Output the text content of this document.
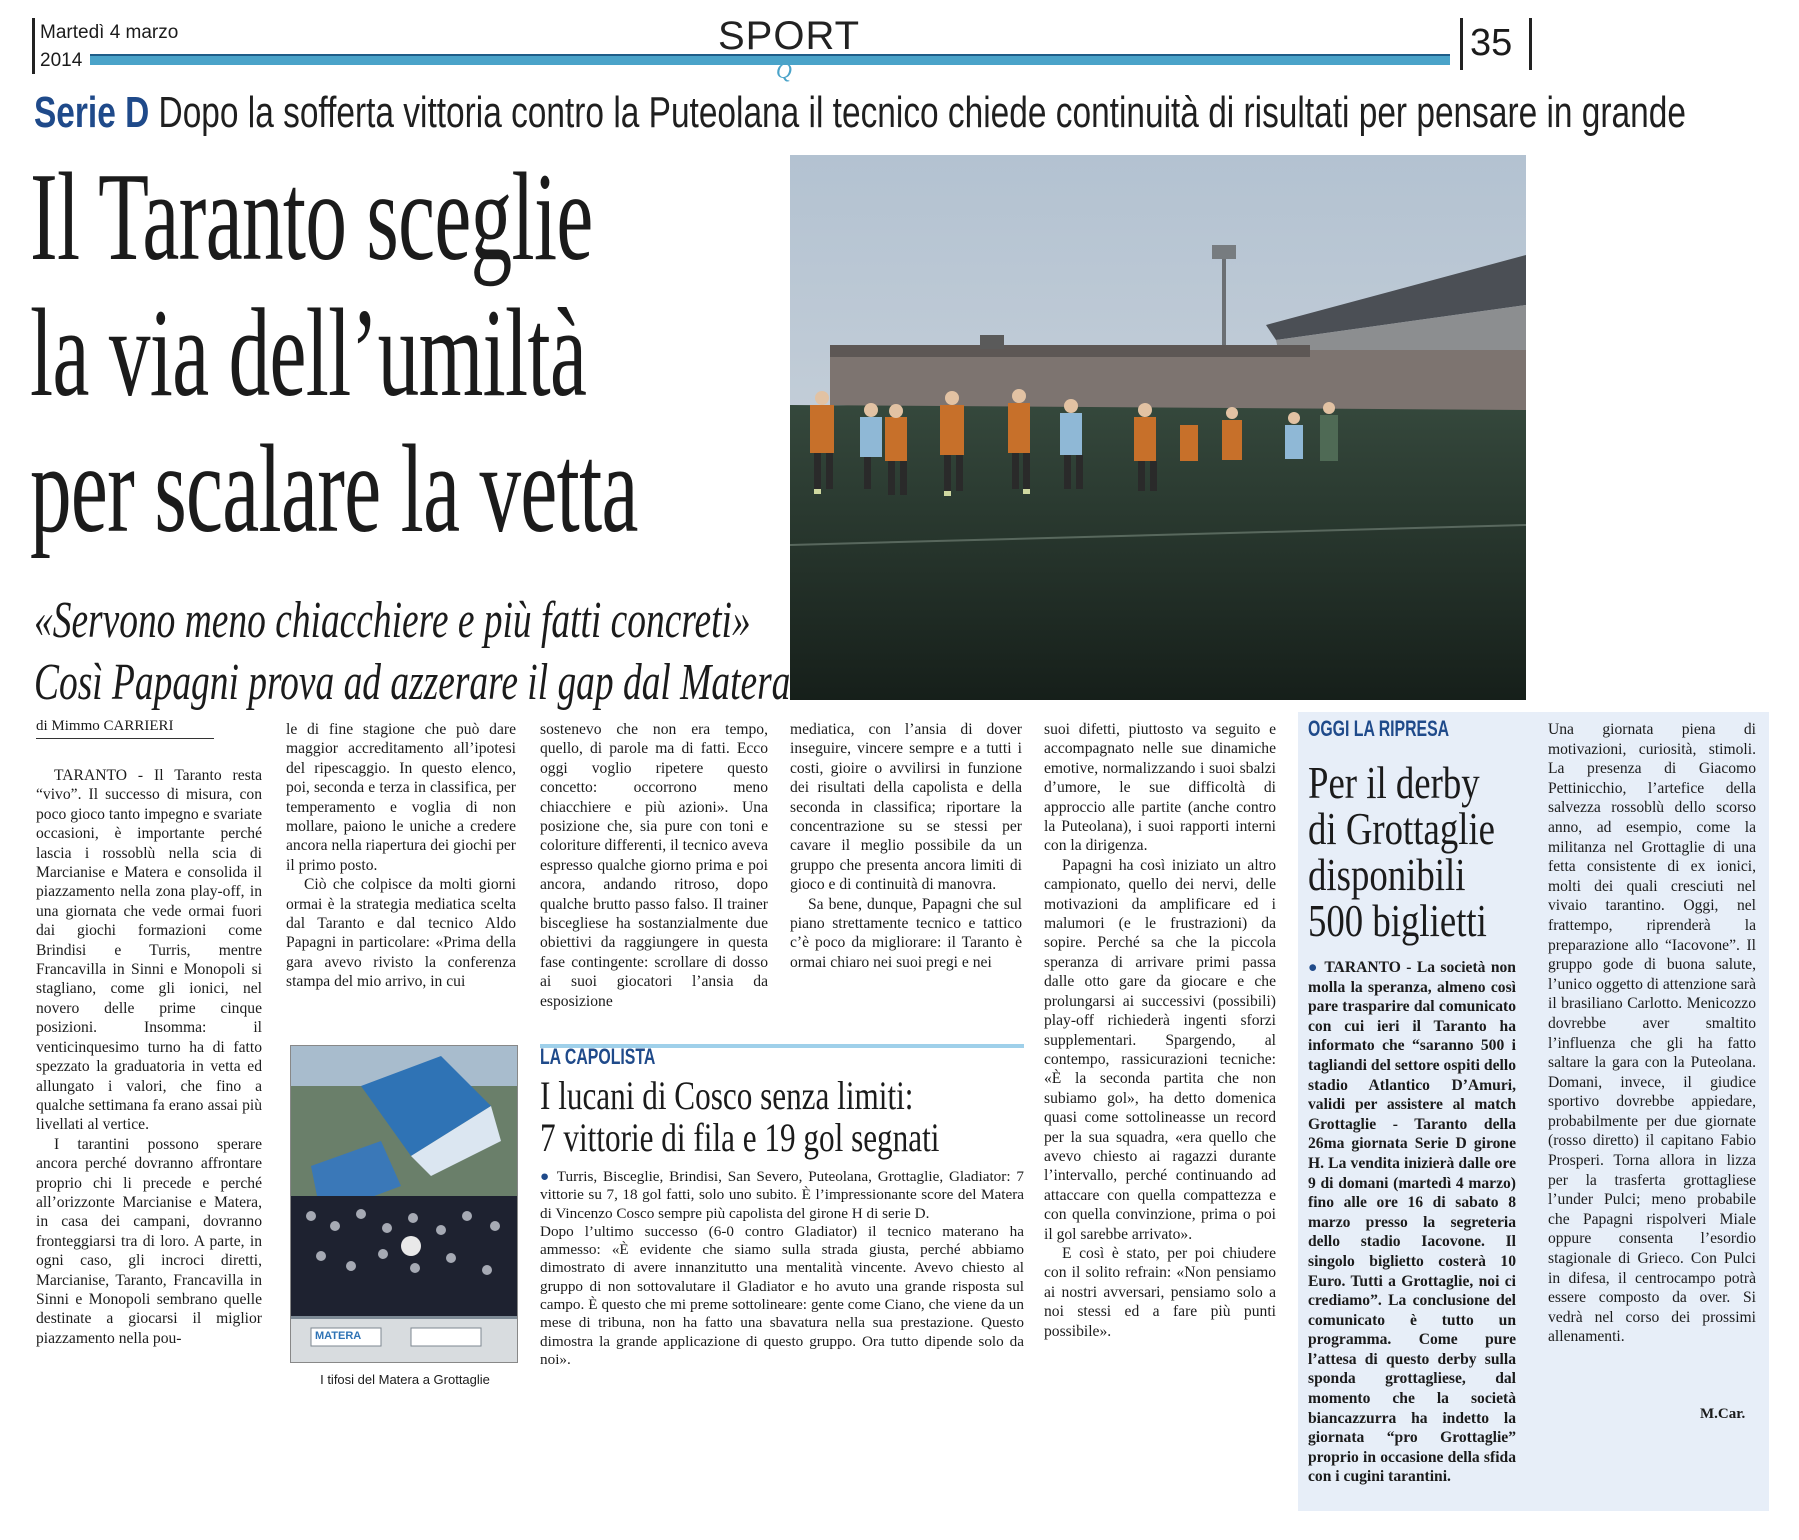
Martedì 4 marzo
2014
SPORT
Q
35
Serie D Dopo la sofferta vittoria contro la Puteolana il tecnico chiede continuità di risultati per pensare in grande
Il Taranto sceglie
la via dell’umiltà
per scalare la vetta
«Servono meno chiacchiere e più fatti concreti»
Così Papagni prova ad azzerare il gap dal Matera
di Mimmo CARRIERI

TARANTO - Il Taranto resta “vivo”. Il successo di misura, con poco gioco tanto impegno e svariate occasioni, è importante perché lascia i rossoblù nella scia di Marcianise e Matera e consolida il piazzamento nella zona play-off, in una giornata che vede ormai fuori dai giochi formazioni come Brindisi e Turris, mentre Francavilla in Sinni e Monopoli si stagliano, come gli ionici, nel novero delle prime cinque posizioni. Insomma: il venticinquesimo turno ha di fatto spezzato la graduatoria in vetta ed allungato i valori, che fino a qualche settimana fa erano assai più livellati al vertice.

I tarantini possono sperare ancora perché dovranno affrontare proprio chi li precede e perché all’orizzonte Marcianise e Matera, in casa dei campani, dovranno fronteggiarsi tra di loro. A parte, in ogni caso, gli incroci diretti, Marcianise, Taranto, Francavilla in Sinni e Monopoli sembrano quelle destinate a giocarsi il miglior piazzamento nella pou-

le di fine stagione che può dare maggior accreditamento all’ipotesi del ripescaggio. In questo elenco, poi, seconda e terza in classifica, per temperamento e voglia di non mollare, paiono le uniche a credere ancora nella riapertura dei giochi per il primo posto.

Ciò che colpisce da molti giorni ormai è la strategia mediatica scelta dal Taranto e dal tecnico Aldo Papagni in particolare: «Prima della gara avevo rivisto la conferenza stampa del mio arrivo, in cui

sostenevo che non era tempo, quello, di parole ma di fatti. Ecco oggi voglio ripetere questo concetto: occorrono meno chiacchiere e più azioni». Una posizione che, sia pure con toni e coloriture differenti, il tecnico aveva espresso qualche giorno prima e poi ancora, andando ritroso, dopo qualche brutto passo falso. Il trainer biscegliese ha sostanzialmente due obiettivi da raggiungere in questa fase contingente: scrollare di dosso ai suoi giocatori l’ansia da esposizione

mediatica, con l’ansia di dover inseguire, vincere sempre e a tutti i costi, gioire o avvilirsi in funzione dei risultati della capolista e della seconda in classifica; riportare la concentrazione su se stessi per cavare il meglio possibile da un gruppo che presenta ancora limiti di gioco e di continuità di manovra.

Sa bene, dunque, Papagni che sul piano strettamente tecnico e tattico c’è poco da migliorare: il Taranto è ormai chiaro nei suoi pregi e nei

suoi difetti, piuttosto va seguito e accompagnato nelle sue dinamiche emotive, normalizzando i suoi sbalzi d’umore, le sue difficoltà di approccio alle partite (anche contro la Puteolana), i suoi rapporti interni con la dirigenza.

Papagni ha così iniziato un altro campionato, quello dei nervi, delle motivazioni da amplificare ed i malumori (e le frustrazioni) da sopire. Perché sa che la piccola speranza di arrivare primi passa dalle otto gare da giocare e che prolungarsi ai successivi (possibili) play-off richiederà ingenti sforzi supplementari. Spargendo, al contempo, rassicurazioni tecniche: «È la seconda partita che non subiamo gol», ha detto domenica quasi come sottolineasse un record per la sua squadra, «era quello che avevo chiesto ai ragazzi durante l’intervallo, perché continuando ad attaccare con quella compattezza e con quella convinzione, prima o poi il gol sarebbe arrivato».

E così è stato, per poi chiudere con il solito refrain: «Non pensiamo ai nostri avversari, pensiamo solo a noi stessi ed a fare più punti possibile».

MATERA
I tifosi del Matera a Grottaglie
LA CAPOLISTA
I lucani di Cosco senza limiti:
7 vittorie di fila e 19 gol segnati

● Turris, Bisceglie, Brindisi, San Severo, Puteolana, Grottaglie, Gladiator: 7 vittorie su 7, 18 gol fatti, solo uno subito. È l’impressionante score del Matera di Vincenzo Cosco sempre più capolista del girone H di serie D.

Dopo l’ultimo successo (6-0 contro Gladiator) il tecnico materano ha ammesso: «È evidente che siamo sulla strada giusta, perché abbiamo dimostrato di avere innanzitutto una mentalità vincente. Avevo chiesto al gruppo di non sottovalutare il Gladiator e ho avuto una grande risposta sul campo. È questo che mi preme sottolineare: gente come Ciano, che viene da un mese di tribuna, non ha fatto una sbavatura nella sua prestazione. Questo dimostra la grande applicazione di questo gruppo. Ora tutto dipende solo da noi».

OGGI LA RIPRESA
Per il derby
di Grottaglie
disponibili
500 biglietti

● TARANTO - La società non molla la speranza, almeno così pare trasparire dal comunicato con cui ieri il Taranto ha informato che “saranno 500 i tagliandi del settore ospiti dello stadio Atlantico D’Amuri, validi per assistere al match Grottaglie - Taranto della 26ma giornata Serie D girone H. La vendita inizierà dalle ore 9 di domani (martedì 4 marzo) fino alle ore 16 di sabato 8 marzo presso la segreteria dello stadio Iacovone. Il singolo biglietto costerà 10 Euro. Tutti a Grottaglie, noi ci crediamo”. La conclusione del comunicato è tutto un programma. Come pure l’attesa di questo derby sulla sponda grottagliese, dal momento che la società biancazzurra ha indetto la giornata “pro Grottaglie” proprio in occasione della sfida con i cugini tarantini.

Una giornata piena di motivazioni, curiosità, stimoli. La presenza di Giacomo Pettinicchio, l’artefice della salvezza rossoblù dello scorso anno, ad esempio, come la militanza nel Grottaglie di una fetta consistente di ex ionici, molti dei quali cresciuti nel vivaio tarantino. Oggi, nel frattempo, riprenderà la preparazione allo “Iacovone”. Il gruppo gode di buona salute, l’unico oggetto di attenzione sarà il brasiliano Carlotto. Menicozzo dovrebbe aver smaltito l’influenza che gli ha fatto saltare la gara con la Puteolana. Domani, invece, il giudice sportivo dovrebbe appiedare, probabilmente per due giornate (rosso diretto) il capitano Fabio Prosperi. Torna allora in lizza per la trasferta grottagliese l’under Pulci; meno probabile che Papagni rispolveri Miale oppure consenta l’esordio stagionale di Grieco. Con Pulci in difesa, il centrocampo potrà essere composto da over. Si vedrà nel corso dei prossimi allenamenti.

M.Car.
